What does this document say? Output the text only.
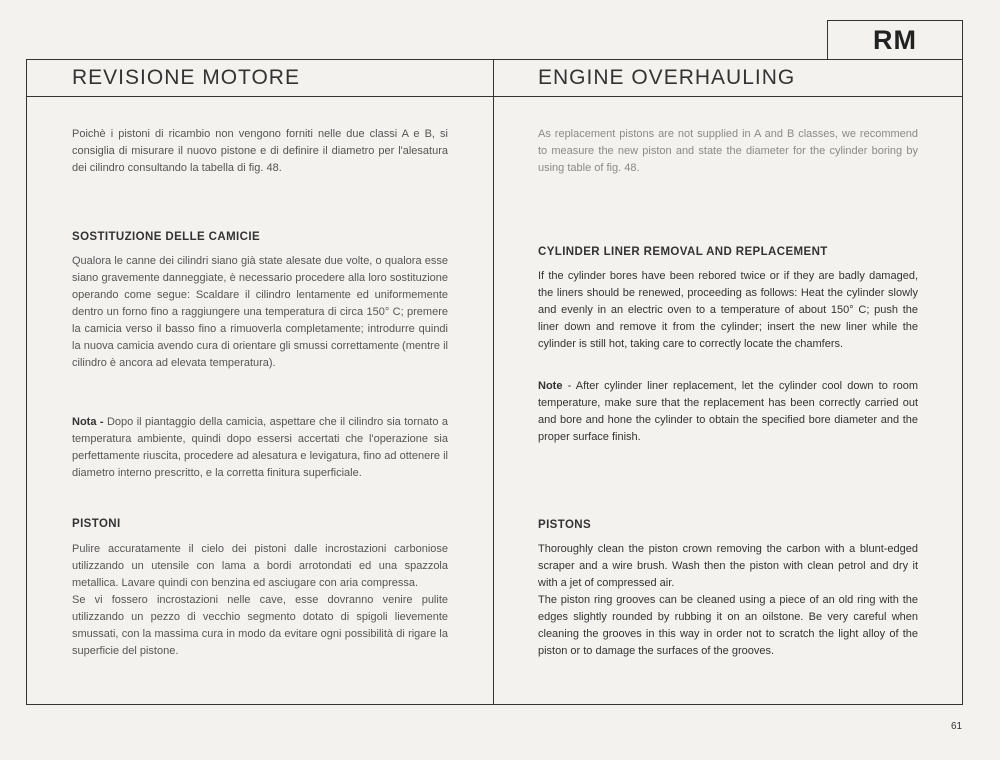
RM
REVISIONE MOTORE	ENGINE OVERHAULING

Poichè i pistoni di ricambio non vengono forniti nelle due classi A e B, si consiglia di misurare il nuovo pistone e di definire il diametro per l'alesatura dei cilindro consultando la tabella di fig. 48.

SOSTITUZIONE DELLE CAMICIE

Qualora le canne dei cilindri siano già state alesate due volte, o qualora esse siano gravemente danneggiate, è necessario procedere alla loro sostituzione operando come segue: Scaldare il cilindro lentamente ed uniformemente dentro un forno fino a raggiungere una temperatura di circa 150° C; premere la camicia verso il basso fino a rimuoverla completamente; introdurre quindi la nuova camicia avendo cura di orientare gli smussi correttamente (mentre il cilindro è ancora ad elevata temperatura).

Nota - Dopo il piantaggio della camicia, aspettare che il cilindro sia tornato a temperatura ambiente, quindi dopo essersi accertati che l'operazione sia perfettamente riuscita, procedere ad alesatura e levigatura, fino ad ottenere il diametro interno prescritto, e la corretta finitura superficiale.

PISTONI

Pulire accuratamente il cielo dei pistoni dalle incrostazioni carboniose utilizzando un utensile con lama a bordi arrotondati ed una spazzola metallica. Lavare quindi con benzina ed asciugare con aria compressa.

Se vi fossero incrostazioni nelle cave, esse dovranno venire pulite utilizzando un pezzo di vecchio segmento dotato di spigoli lievemente smussati, con la massima cura in modo da evitare ogni possibilità di rigare la superficie del pistone.

As replacement pistons are not supplied in A and B classes, we recommend to measure the new piston and state the diameter for the cylinder boring by using table of fig. 48.

CYLINDER LINER REMOVAL AND REPLACEMENT

If the cylinder bores have been rebored twice or if they are badly damaged, the liners should be renewed, proceeding as follows: Heat the cylinder slowly and evenly in an electric oven to a temperature of about 150° C; push the liner down and remove it from the cylinder; insert the new liner while the cylinder is still hot, taking care to correctly locate the chamfers.

Note - After cylinder liner replacement, let the cylinder cool down to room temperature, make sure that the replacement has been correctly carried out and bore and hone the cylinder to obtain the specified bore diameter and the proper surface finish.

PISTONS

Thoroughly clean the piston crown removing the carbon with a blunt-edged scraper and a wire brush. Wash then the piston with clean petrol and dry it with a jet of compressed air.

The piston ring grooves can be cleaned using a piece of an old ring with the edges slightly rounded by rubbing it on an oilstone. Be very careful when cleaning the grooves in this way in order not to scratch the light alloy of the piston or to damage the surfaces of the grooves.

61
